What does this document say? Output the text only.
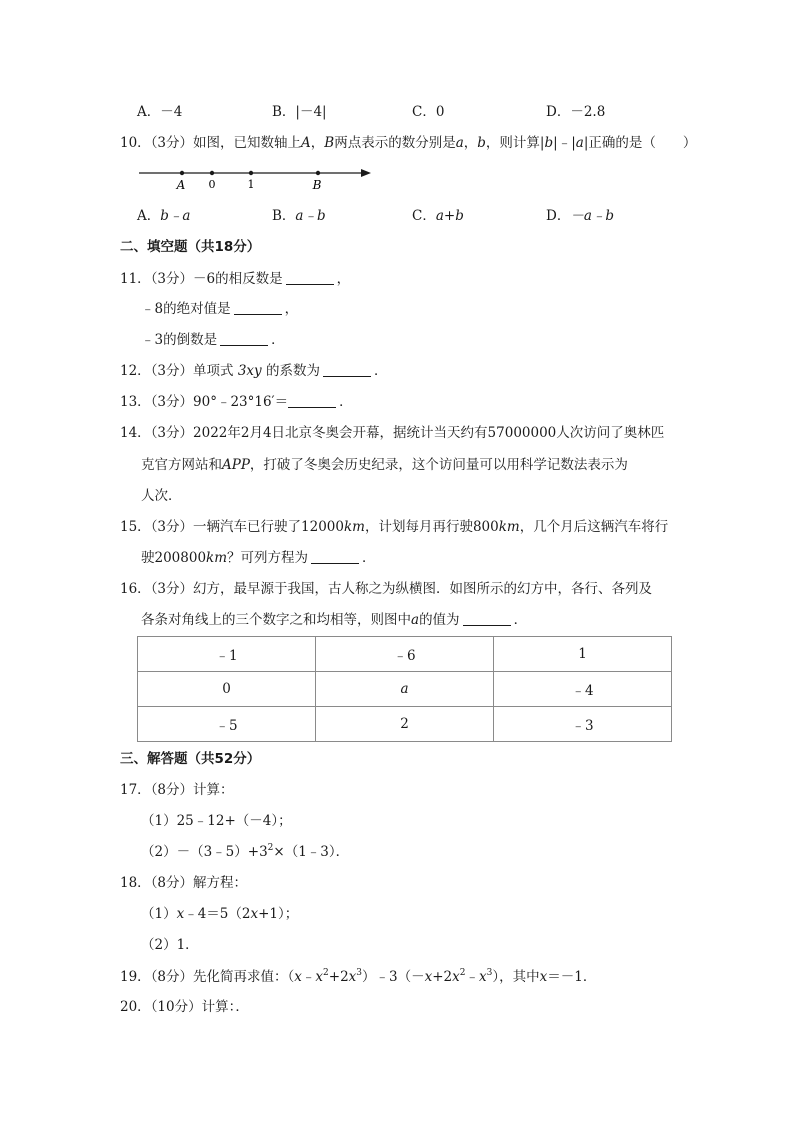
A．－4	B．|－4|	C．0	D．－2.8
10．（3分）如图，已知数轴上A，B两点表示的数分别是a，b，则计算|b|﹣|a|正确的是（　　）
A 0	1	B
A．b﹣a	B．a﹣b	C．a+b	D．－a﹣b
二、填空题（共18分）
11．（3分）－6的相反数是	，
﹣8的绝对值是	，
﹣3的倒数是	．
12．（3分）单项式 3xy 的系数为	．
13．（3分）90°﹣23°16′＝	．
14．（3分）2022年2月4日北京冬奥会开幕，据统计当天约有57000000人次访问了奥林匹
克官方网站和APP，打破了冬奥会历史纪录，这个访问量可以用科学记数法表示为
人次．
15．（3分）一辆汽车已行驶了12000km，计划每月再行驶800km，几个月后这辆汽车将行
驶200800km？可列方程为	．
16．（3分）幻方，最早源于我国，古人称之为纵横图．如图所示的幻方中，各行、各列及
各条对角线上的三个数字之和均相等，则图中a的值为	．
﹣1	﹣6	1
0	a	﹣4
﹣5	2	﹣3
三、解答题（共52分）
17．（8分）计算：
（1）25﹣12+（－4）；
$(2)-(3﹣5)+3^2\times(1﹣3)$．
18．（8分）解方程：
（1）x﹣4＝5（2x+1）；
（2）1．
19．（8分）先化简再求值：$(x﹣x^2+2x^3)﹣3(-x+2x^2﹣x^3)$，其中x＝－1．
20．（10分）计算：．
